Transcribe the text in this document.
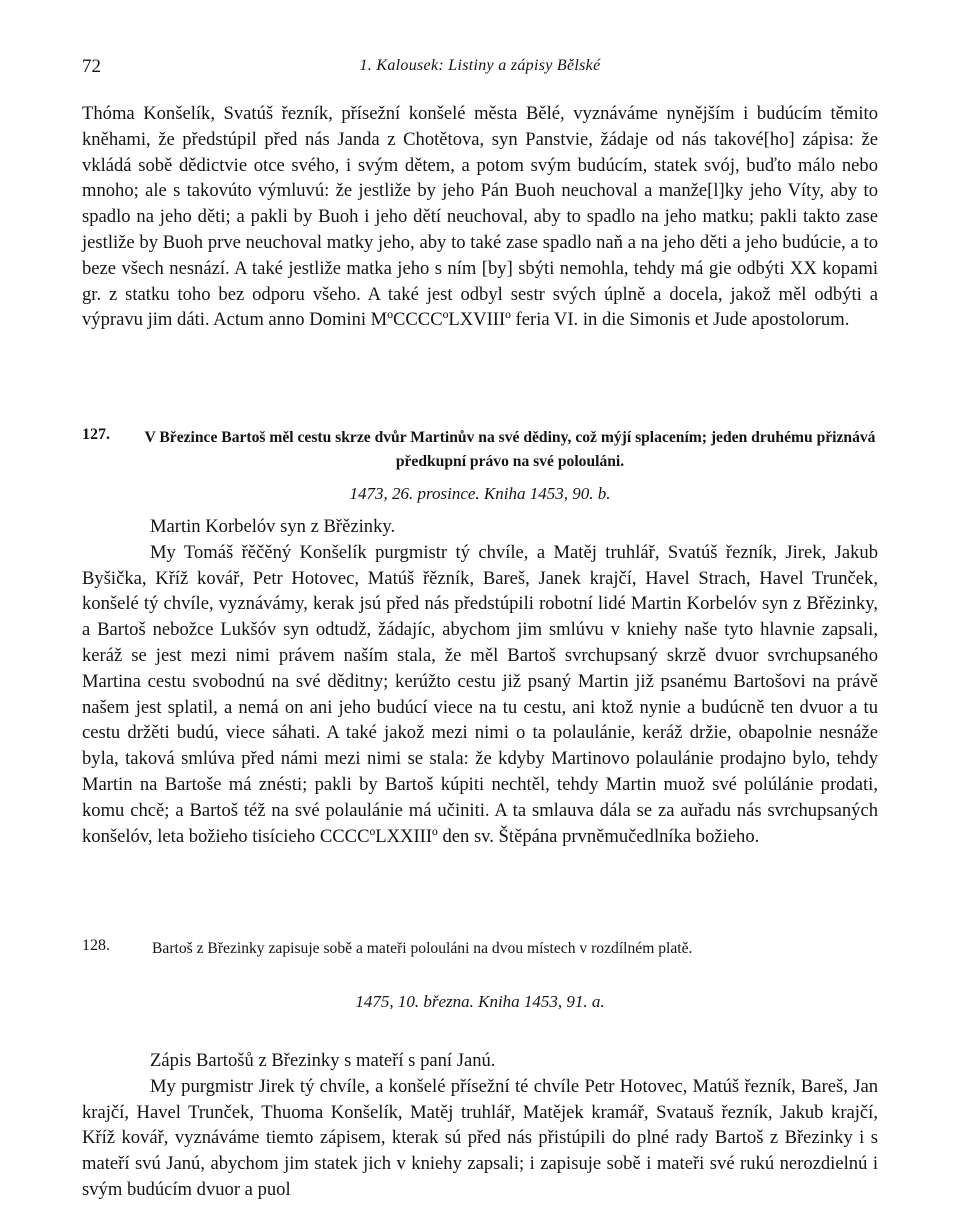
72	1. Kalousek: Listiny a zápisy Bělské

Thóma Konšelík, Svatúš řezník, přísežní konšelé města Bělé, vyznáváme nynějším i budúcím těmito kněhami, že předstúpil před nás Janda z Chotětova, syn Panstvie, žádaje od nás takové[ho] zápisa: že vkládá sobě dědictvie otce svého, i svým dětem, a potom svým budúcím, statek svój, buďto málo nebo mnoho; ale s takovúto výmluvú: že jestliže by jeho Pán Buoh neuchoval a manže[l]ky jeho Víty, aby to spadlo na jeho děti; a pakli by Buoh i jeho dětí neuchoval, aby to spadlo na jeho matku; pakli takto zase jestliže by Buoh prve neuchoval matky jeho, aby to také zase spadlo naň a na jeho děti a jeho budúcie, a to beze všech nesnází. A také jestliže matka jeho s ním [by] sbýti nemohla, tehdy má gie odbýti XX kopami gr. z statku toho bez odporu všeho. A také jest odbyl sestr svých úplně a docela, jakož měl odbýti a výpravu jim dáti. Actum anno Domini MºCCCCºLXVIIIº feria VI. in die Simonis et Jude apostolorum.

127. V Březince Bartoš měl cestu skrze dvůr Martinův na své dědiny, což mýjí splacením; jeden druhému přiznává předkupní právo na své polouláni.

1473, 26. prosince. Kniha 1453, 90. b.

Martin Korbelóv syn z Břězinky.

My Tomáš řěčěný Konšelík purgmistr tý chvíle, a Matěj truhlář, Svatúš řezník, Jirek, Jakub Byšička, Kříž kovář, Petr Hotovec, Matúš řězník, Bareš, Janek krajčí, Havel Strach, Havel Trunček, konšelé tý chvíle, vyznávámy, kerak jsú před nás předstúpili robotní lidé Martin Korbelóv syn z Břězinky, a Bartoš nebožce Lukšóv syn odtudž, žádajíc, abychom jim smlúvu v kniehy naše tyto hlavnie zapsali, keráž se jest mezi nimi právem naším stala, že měl Bartoš svrchupsaný skrzě dvuor svrchupsaného Martina cestu svobodnú na své děditny; kerúžto cestu již psaný Martin již psanému Bartošovi na právě našem jest splatil, a nemá on ani jeho budúcí viece na tu cestu, ani ktož nynie a budúcně ten dvuor a tu cestu držěti budú, viece sáhati. A také jakož mezi nimi o ta polaulánie, keráž držie, obapolnie nesnáže byla, taková smlúva před námi mezi nimi se stala: že kdyby Martinovo polaulánie prodajno bylo, tehdy Martin na Bartoše má znésti; pakli by Bartoš kúpiti nechtěl, tehdy Martin muož své polúlánie prodati, komu chcě; a Bartoš též na své polaulánie má učiniti. A ta smlauva dála se za auřadu nás svrchupsaných konšelóv, leta božieho tisícieho CCCCºLXXIIIº den sv. Štěpána prvněmučedlníka božieho.

128.	Bartoš z Březinky zapisuje sobě a mateři polouláni na dvou místech v rozdílném platě.

1475, 10. března. Kniha 1453, 91. a.

Zápis Bartošů z Březinky s mateří s paní Janú.

My purgmistr Jirek tý chvíle, a konšelé přísežní té chvíle Petr Hotovec, Matúš řezník, Bareš, Jan krajčí, Havel Trunček, Thuoma Konšelík, Matěj truhlář, Matějek kramář, Svatauš řezník, Jakub krajčí, Kříž kovář, vyznáváme tiemto zápisem, kterak sú před nás přistúpili do plné rady Bartoš z Březinky i s mateří svú Janú, abychom jim statek jich v kniehy zapsali; i zapisuje sobě i mateři své rukú nerozdielnú i svým budúcím dvuor a puol
